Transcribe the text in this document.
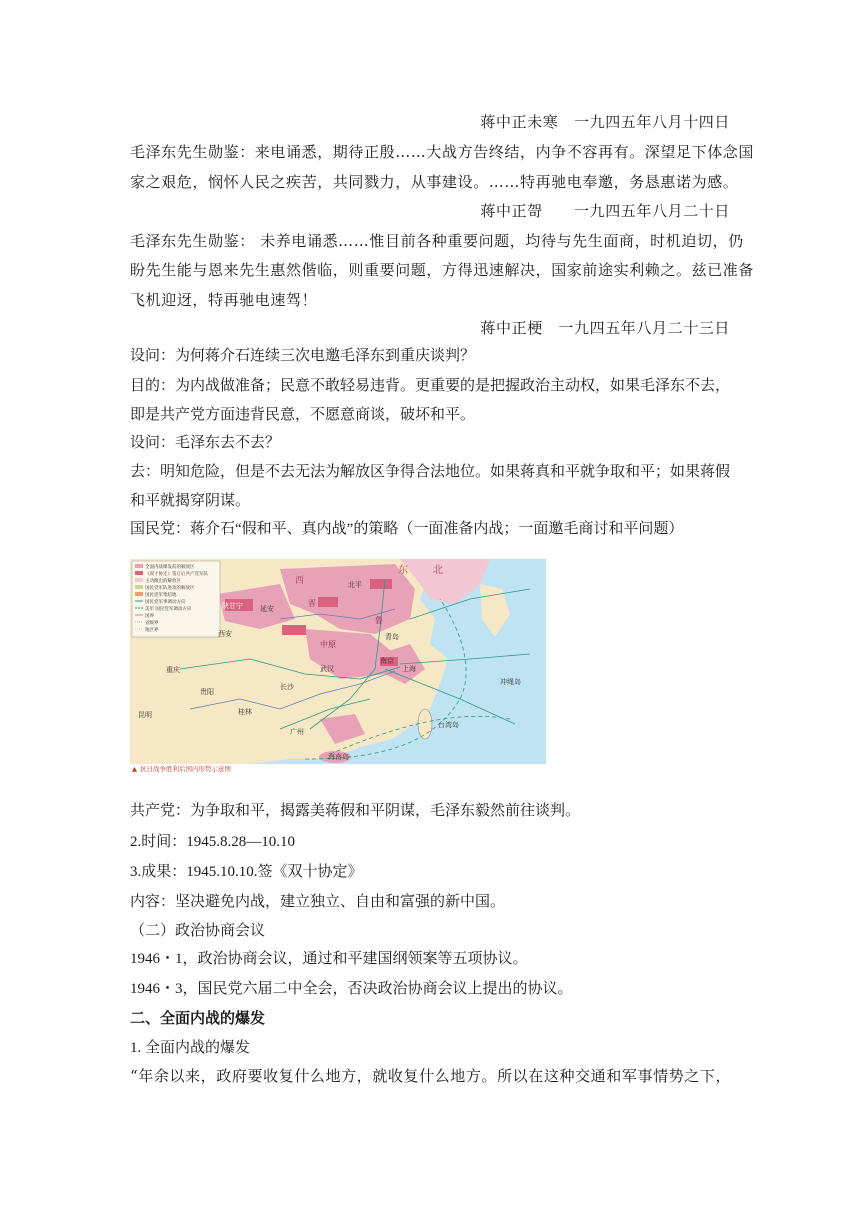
蒋中正未寒　一九四五年八月十四日
毛泽东先生勋鉴：来电诵悉，期待正殷……大战方告终结，内争不容再有。深望足下体念国
家之艰危，悯怀人民之疾苦，共同戮力，从事建设。……特再驰电奉邀，务恳惠诺为感。
蒋中正哿　　一九四五年八月二十日
毛泽东先生勋鉴： 未养电诵悉……惟目前各种重要问题，均待与先生面商，时机迫切，仍
盼先生能与恩来先生惠然偕临，则重要问题，方得迅速解决，国家前途实利赖之。兹已准备
飞机迎迓，特再驰电速驾！
蒋中正梗　一九四五年八月二十三日
设问：为何蒋介石连续三次电邀毛泽东到重庆谈判？
目的：为内战做准备；民意不敢轻易违背。更重要的是把握政治主动权，如果毛泽东不去，
即是共产党方面违背民意，不愿意商谈，破坏和平。
设问：毛泽东去不去？
去：明知危险，但是不去无法为解放区争得合法地位。如果蒋真和平就争取和平；如果蒋假
和平就揭穿阴谋。
国民党：蒋介石“假和平、真内战”的策略（一面准备内战；一面邀毛商讨和平问题）
全面内战爆发前的解放区
《双十协定》签订后共产党军队
主动撤出的解放区
国民党军队进攻的解放区
国民党军集结地
国民党军事调动方向
美军 国民党军调动方向
国界
省级界
地区界
东	北
西	北平
晋
鲁
陕甘宁
中原
南京
上海
重庆
西安
武汉
长沙
贵阳
昆明	桂林
广州
台湾岛
海南岛
冲绳岛
青岛
延安
▲ 抗日战争胜利后国内形势示意图
共产党：为争取和平，揭露美蒋假和平阴谋，毛泽东毅然前往谈判。
2.时间：1945.8.28—10.10
3.成果：1945.10.10.签《双十协定》
内容：坚决避免内战，建立独立、自由和富强的新中国。
（二）政治协商会议
1946・1，政治协商会议，通过和平建国纲领案等五项协议。
1946・3，国民党六届二中全会，否决政治协商会议上提出的协议。
二、全面内战的爆发
1. 全面内战的爆发
“年余以来，政府要收复什么地方，就收复什么地方。所以在这种交通和军事情势之下，
